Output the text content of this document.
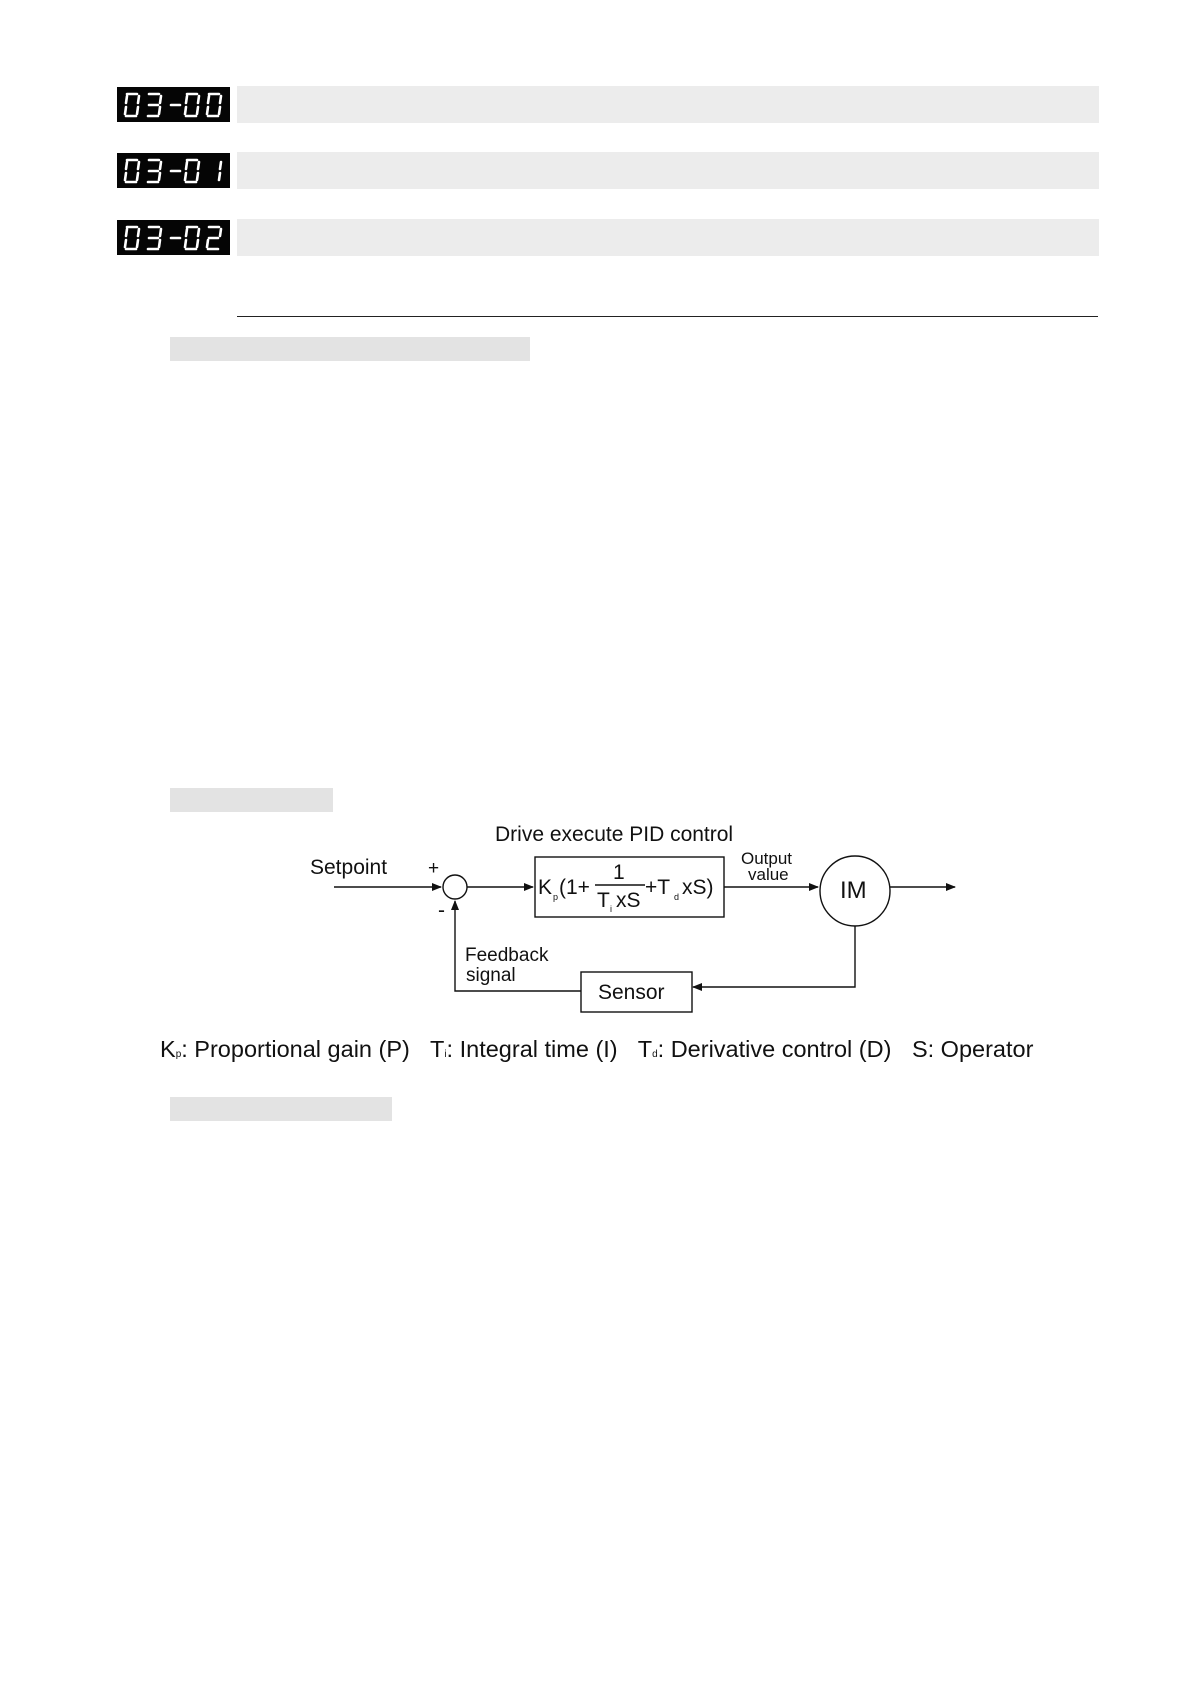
Drive execute PID control
Setpoint +
-
K p (1+
1
T i xS
+T d xS)
Output
value
IM
Feedback
signal
Sensor
Kp: Proportional gain (P) Ti: Integral time (I) Td: Derivative control (D) S: Operator
